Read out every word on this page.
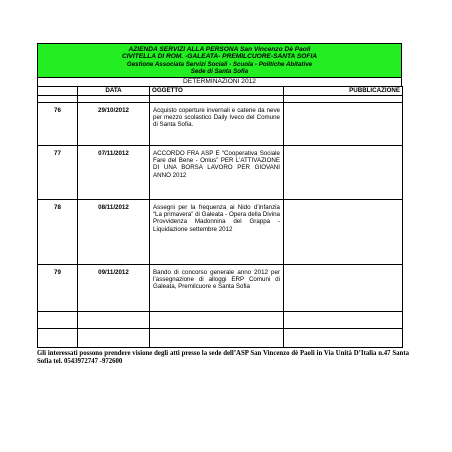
AZIENDA SERVIZI ALLA PERSONA San Vincenzo Dè Paoli
CIVITELLA DI ROM. -GALEATA- PREMILCUORE-SANTA SOFIA
Gestione Associata Servizi Sociali - Scuola - Politiche Abitative
Sede di Santa Sofia
DETERMINAZIONI 2012
	DATA	OGGETTO	PUBBLICAZIONE

76	29/10/2012	Acquisto coperture invernali e catene da neve per mezzo scolastico Daily Iveco del Comune di Santa Sofia.	
77	07/11/2012	ACCORDO FRA ASP E “Cooperativa Sociale Fare del Bene - Onlus” PER L’ATTIVAZIONE DI UNA BORSA LAVORO PER GIOVANI ANNO 2012	
78	08/11/2012	Assegni per la frequenza ai Nido d’infanzia “La primavera” di Galeata - Opera della Divina Provvidenza Madonnina del Grappa - Liquidazione settembre 2012	
79	09/11/2012	Bando di concorso generale anno 2012 per l’assegnazione di alloggi ERP Comuni di Galeata, Premilcuore e Santa Sofia	

Gli interessati possono prendere visione degli atti presso la sede dell’ASP San Vincenzo dè Paoli in Via Unità D’Italia n.47 Santa Sofia tel. 0543972747 -972600
